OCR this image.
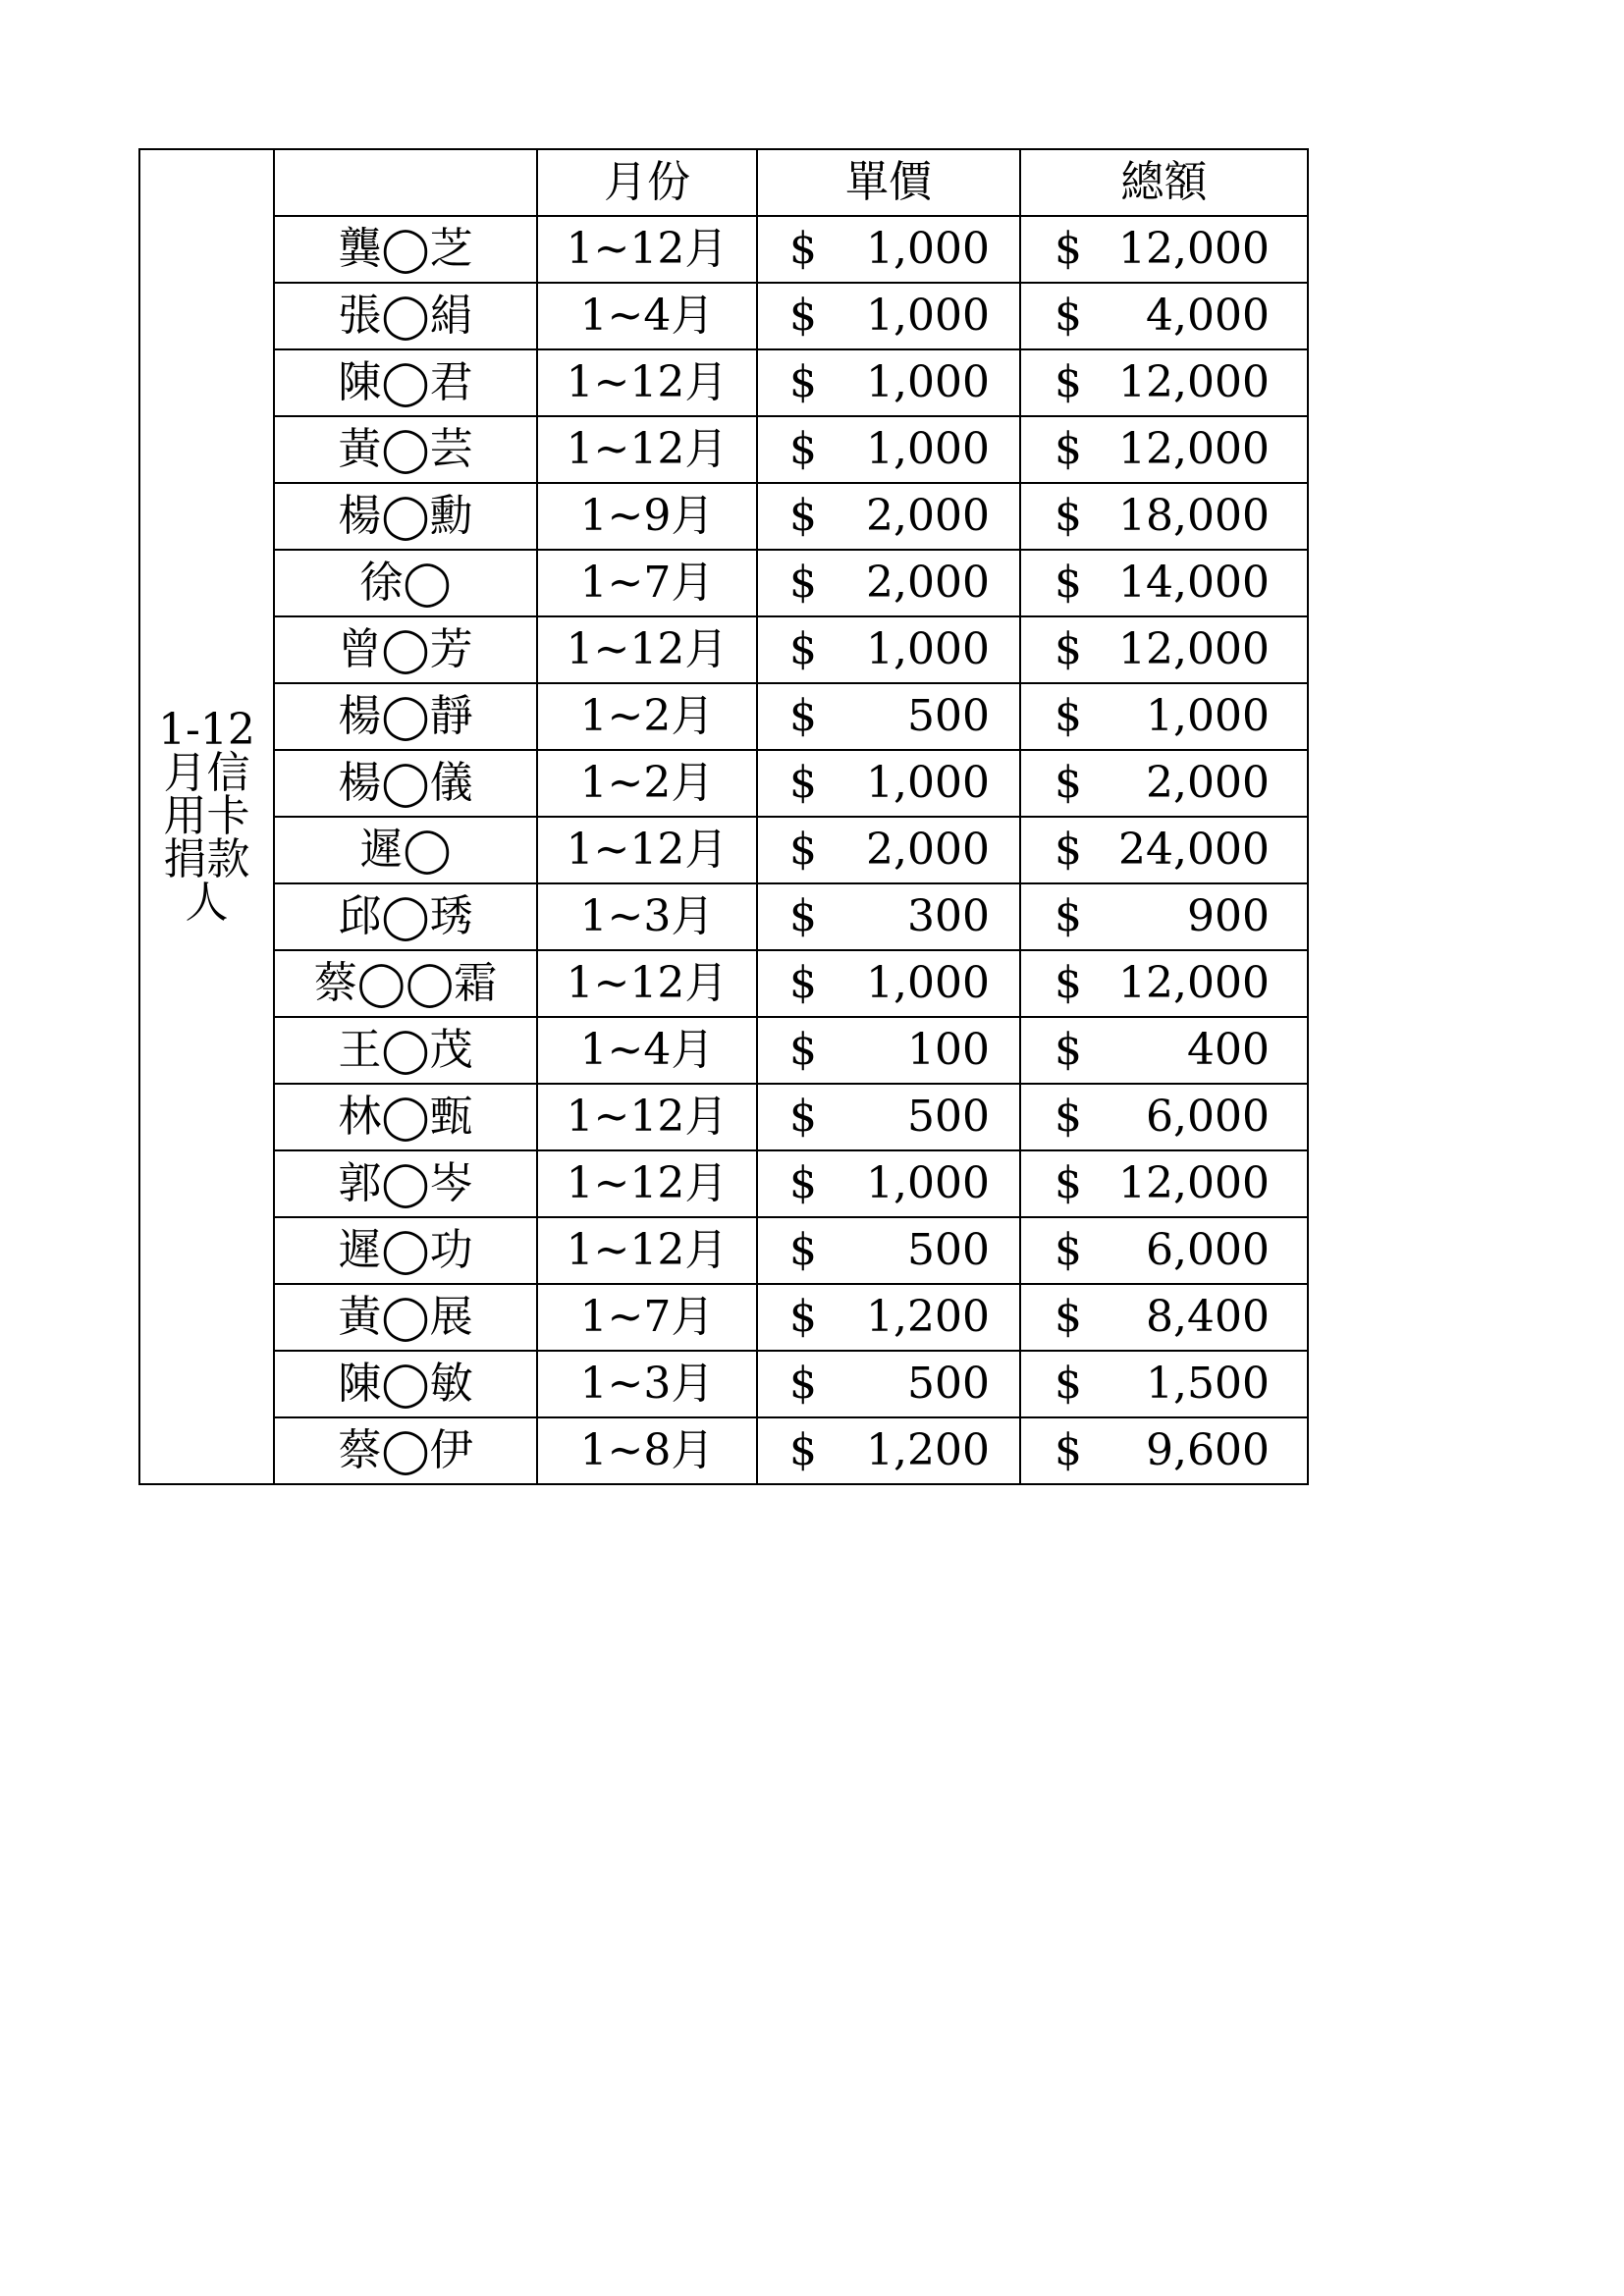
1-12
月信
用卡
捐款
人		月份	單價	總額
	龔◯芝	1~12月	$ 1,000	$ 12,000

	張◯絹	1~4月	$ 1,000	$ 4,000

	陳◯君	1~12月	$ 1,000	$ 12,000

	黃◯芸	1~12月	$ 1,000	$ 12,000

	楊◯勳	1~9月	$ 2,000	$ 18,000

	徐◯	1~7月	$ 2,000	$ 14,000

	曾◯芳	1~12月	$ 1,000	$ 12,000

	楊◯靜	1~2月	$ 500	$ 1,000

	楊◯儀	1~2月	$ 1,000	$ 2,000

	遲◯	1~12月	$ 2,000	$ 24,000

	邱◯琇	1~3月	$ 300	$ 900

	蔡◯◯霜	1~12月	$ 1,000	$ 12,000

	王◯茂	1~4月	$ 100	$ 400

	林◯甄	1~12月	$ 500	$ 6,000

	郭◯岑	1~12月	$ 1,000	$ 12,000

	遲◯功	1~12月	$ 500	$ 6,000

	黃◯展	1~7月	$ 1,200	$ 8,400

	陳◯敏	1~3月	$ 500	$ 1,500

	蔡◯伊	1~8月	$ 1,200	$ 9,600
